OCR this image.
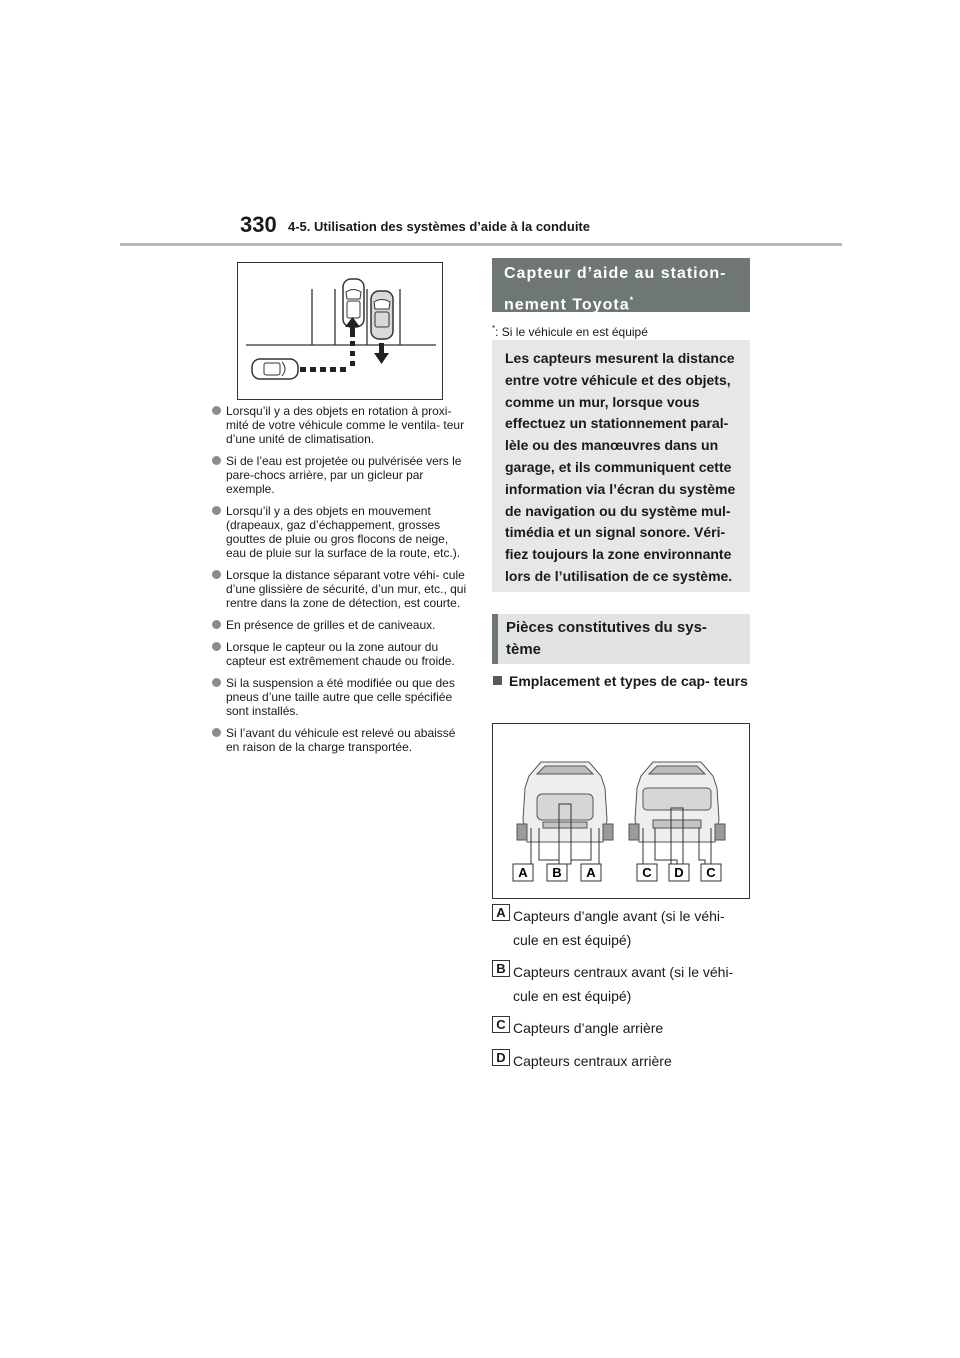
330 4-5. Utilisation des systèmes d’aide à la conduite
Lorsqu’il y a des objets en rotation à proxi- mité de votre véhicule comme le ventila- teur d’une unité de climatisation.
Si de l’eau est projetée ou pulvérisée vers le pare-chocs arrière, par un gicleur par exemple.
Lorsqu’il y a des objets en mouvement (drapeaux, gaz d’échappement, grosses gouttes de pluie ou gros flocons de neige, eau de pluie sur la surface de la route, etc.).
Lorsque la distance séparant votre véhi- cule d’une glissière de sécurité, d’un mur, etc., qui rentre dans la zone de détection, est courte.
En présence de grilles et de caniveaux.
Lorsque le capteur ou la zone autour du capteur est extrêmement chaude ou froide.
Si la suspension a été modifiée ou que des pneus d’une taille autre que celle spécifiée sont installés.
Si l’avant du véhicule est relevé ou abaissé en raison de la charge transportée.
Capteur d’aide au station-
nement Toyota*
*: Si le véhicule en est équipé
Les capteurs mesurent la distance entre votre véhicule et des objets, comme un mur, lorsque vous effectuez un stationnement paral- lèle ou des manœuvres dans un garage, et ils communiquent cette information via l’écran du système de navigation ou du système mul- timédia et un signal sonore. Véri- fiez toujours la zone environnante lors de l’utilisation de ce système.
Pièces constitutives du sys- tème
Emplacement et types de cap- teurs
A B A	C D C
A Capteurs d’angle avant (si le véhi- cule en est équipé)
B Capteurs centraux avant (si le véhi- cule en est équipé)
C Capteurs d’angle arrière
D Capteurs centraux arrière
